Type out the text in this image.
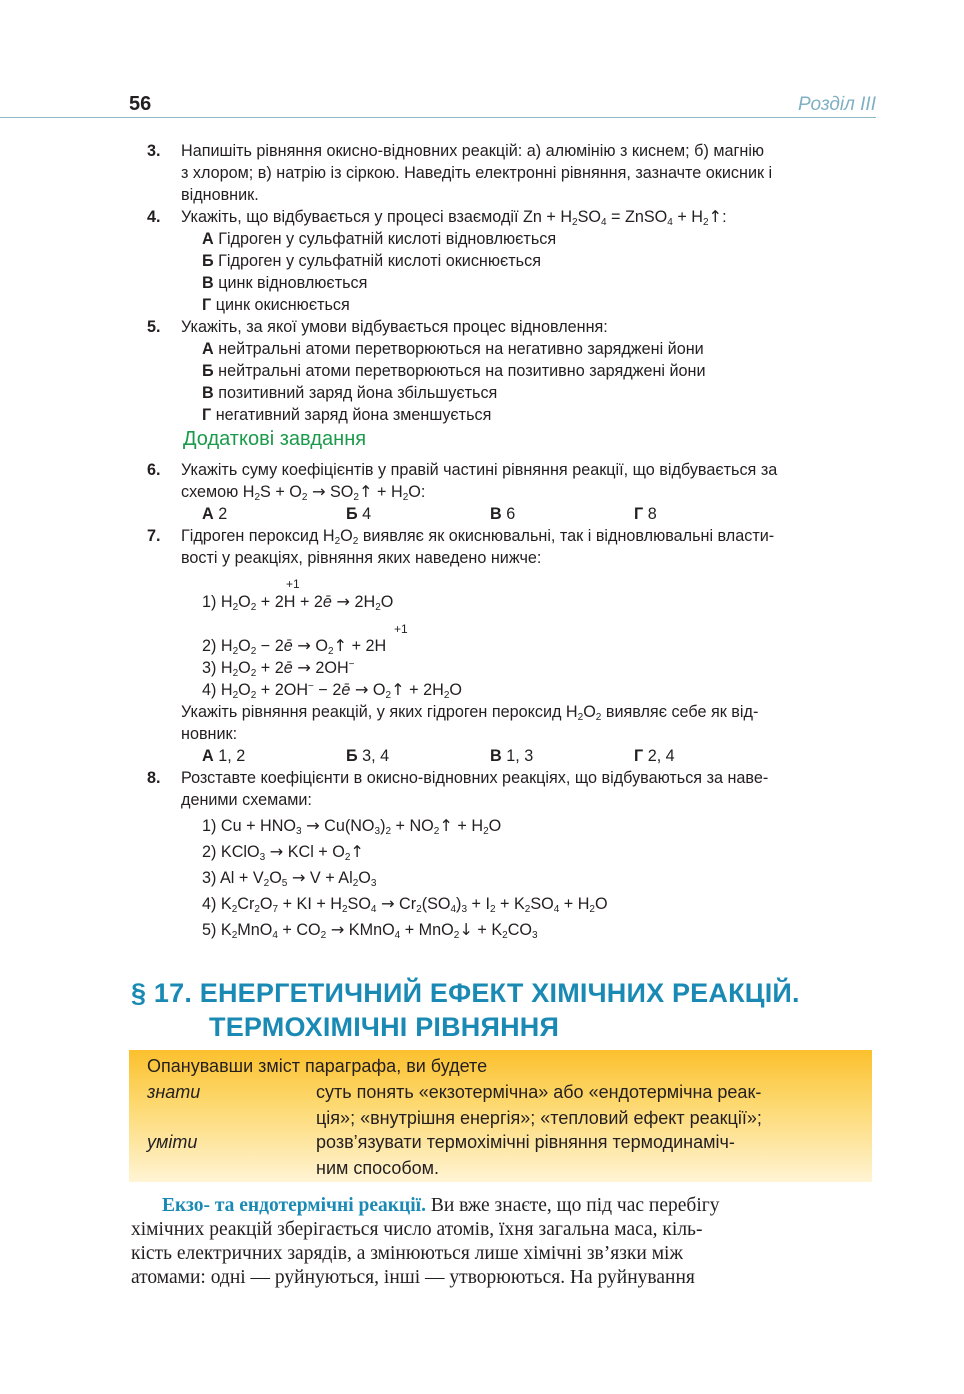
56	Розділ III
3. Напишіть рівняння окисно-відновних реакцій: а) алюмінію з киснем; б) магнію
з хлором; в) натрію із сіркою. Наведіть електронні рівняння, зазначте окисник і
відновник.
4. Укажіть, що відбувається у процесі взаємодії $Zn + H_2SO_4$ = ZnSO$_4$ + $H_2↑$:
А Гідроген у сульфатній кислоті відновлюється
Б Гідроген у сульфатній кислоті окиснюється
В цинк відновлюється
Г цинк окиснюється
5. Укажіть, за якої умови відбувається процес відновлення:
А нейтральні атоми перетворюються на негативно заряджені йони
Б нейтральні атоми перетворюються на позитивно заряджені йони
В позитивний заряд йона збільшується
Г негативний заряд йона зменшується
Додаткові завдання
6. Укажіть суму коефіцієнтів у правій частині рівняння реакції, що відбувається за
схемою $H_2S + O_2$ → $SO_2↑ + H_2O$:
А 2	Б 4	В 6	Г 8
7. Гідроген пероксид $H_2O_2$ виявляє як окиснювальні, так і відновлювальні власти-
вості у реакціях, рівняння яких наведено нижче:
+1
1) $H_2O_2 + 2H$ + 2ē → $2H_2O$
+1
2) $H_2O_2$ − 2ē → $O_2↑ + 2H$
3) $H_2O_2$ + 2ē → 2OH−
4) $H_2O_2 + 2OH^-$ − 2ē → $O_2↑ + 2H_2O$
Укажіть рівняння реакцій, у яких гідроген пероксид $H_2O_2$ виявляє себе як від-
новник:
А 1, 2	Б 3, 4	В 1, 3	Г 2, 4
8. Розставте коефіцієнти в окисно-відновних реакціях, що відбуваються за наве-
деними схемами:
1) $Cu + HNO_3 \to Cu(NO_3)_2$ + $NO_2↑ + H_2O$
2) KClO$_3$ → KCl + $O_2↑$
3) $Al + V_2O_5 \to V + Al_2O_3$
4) $K_2Cr_2O_7$ + KI + $H_2SO_4 \to Cr_2(SO_4)_3 + I_2 + K_2SO_4 + H_2O$
5) $K_2MnO_4 + CO_2$ → KMnO$_4$ + MnO$_2$↓ + $K_2CO_3$
§ 17. ЕНЕРГЕТИЧНИЙ ЕФЕКТ ХІМІЧНИХ РЕАКЦІЙ.
ТЕРМОХІМІЧНІ РІВНЯННЯ
Опанувавши зміст параграфа, ви будете
знати	суть понять «екзотермічна» або «ендотермічна реак-
ція»; «внутрішня енергія»; «тепловий ефект реакції»;
уміти	розв’язувати термохімічні рівняння термодинаміч-
ним способом.
Екзо- та ендотермічні реакції. Ви вже знаєте, що під час перебігу
хімічних реакцій зберігається число атомів, їхня загальна маса, кіль-
кість електричних зарядів, а змінюються лише хімічні зв’язки між
атомами: одні — руйнуються, інші — утворюються. На руйнування
